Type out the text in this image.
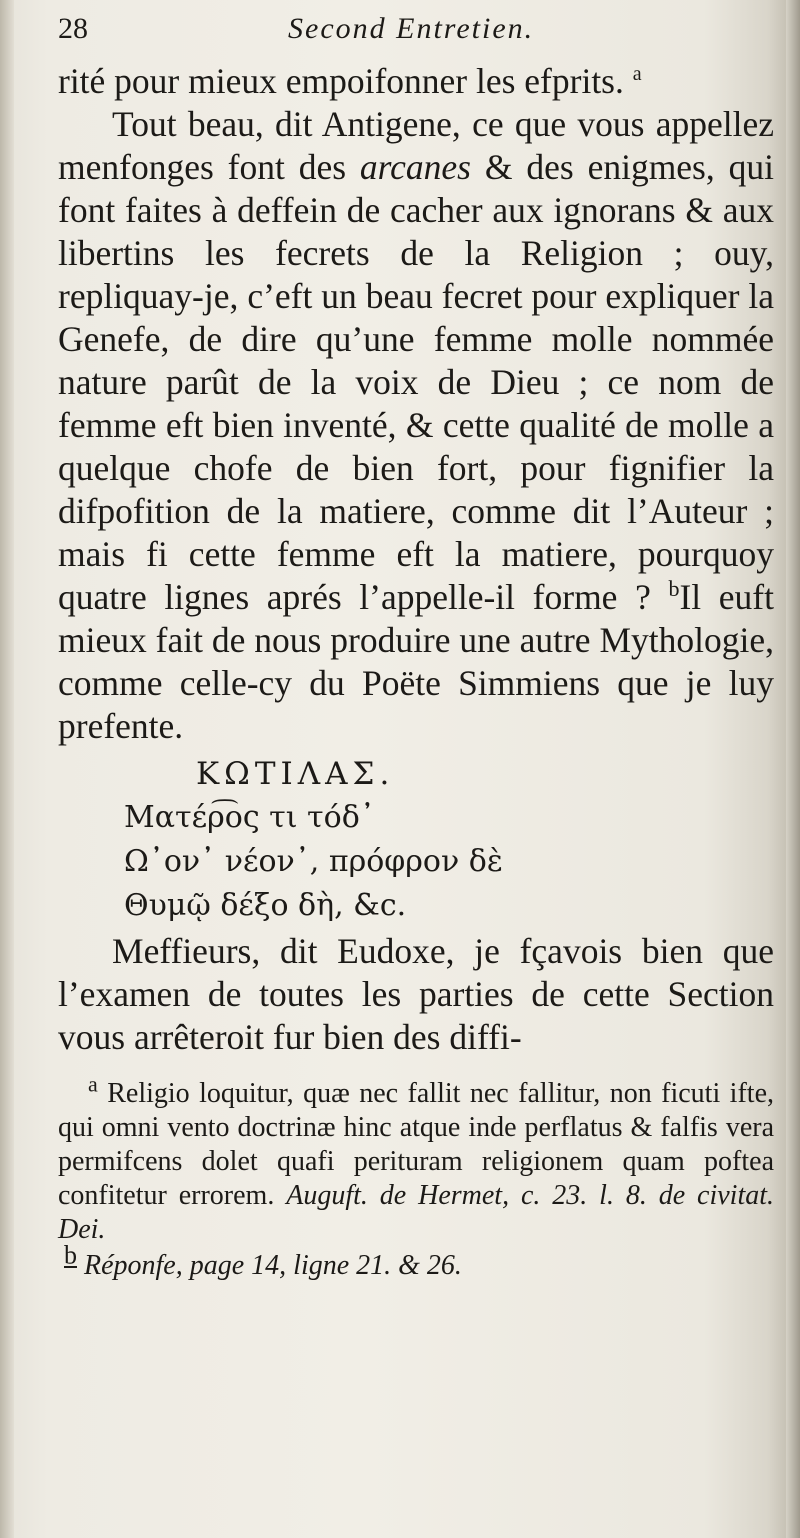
28	Second Entretien.

rité pour mieux empoifonner les efprits. $^a$

Tout beau, dit Antigene, ce que vous appellez menfonges font des arcanes & des enigmes, qui font faites à deffein de cacher aux ignorans & aux libertins les fecrets de la Religion ; ouy, repliquay-je, c’eft un beau fecret pour expliquer la Genefe, de dire qu’une femme molle nommée nature parût de la voix de Dieu ; ce nom de femme eft bien inventé, & cette qualité de molle a quelque chofe de bien fort, pour fignifier la difpofition de la matiere, comme dit l’Auteur ; mais fi cette femme eft la matiere, pourquoy quatre lignes aprés l’appelle-il forme ? $^b$Il euft mieux fait de nous produire une autre Mythologie, comme celle-cy du Poëte Simmiens que je luy prefente.

ΚΩΤΙΛΑΣ.
Ματέρ͡ος τι τόδ᾽
Ω᾽ον᾽ νέον᾽, πρόφρον δὲ
Θυμῷ δέξο δὴ, &c.

Meffieurs, dit Eudoxe, je fçavois bien que l’examen de toutes les parties de cette Section vous arrêteroit fur bien des diffi-

$^a$ Religio loquitur, quæ nec fallit nec fallitur, non ficuti ifte, qui omni vento doctrinæ hinc atque inde perflatus & falfis vera permifcens dolet quafi perituram religionem quam poftea confitetur errorem. Auguft. de Hermet, c. 23. l. 8. de civitat. Dei.

b Réponfe, page 14, ligne 21. & 26.
